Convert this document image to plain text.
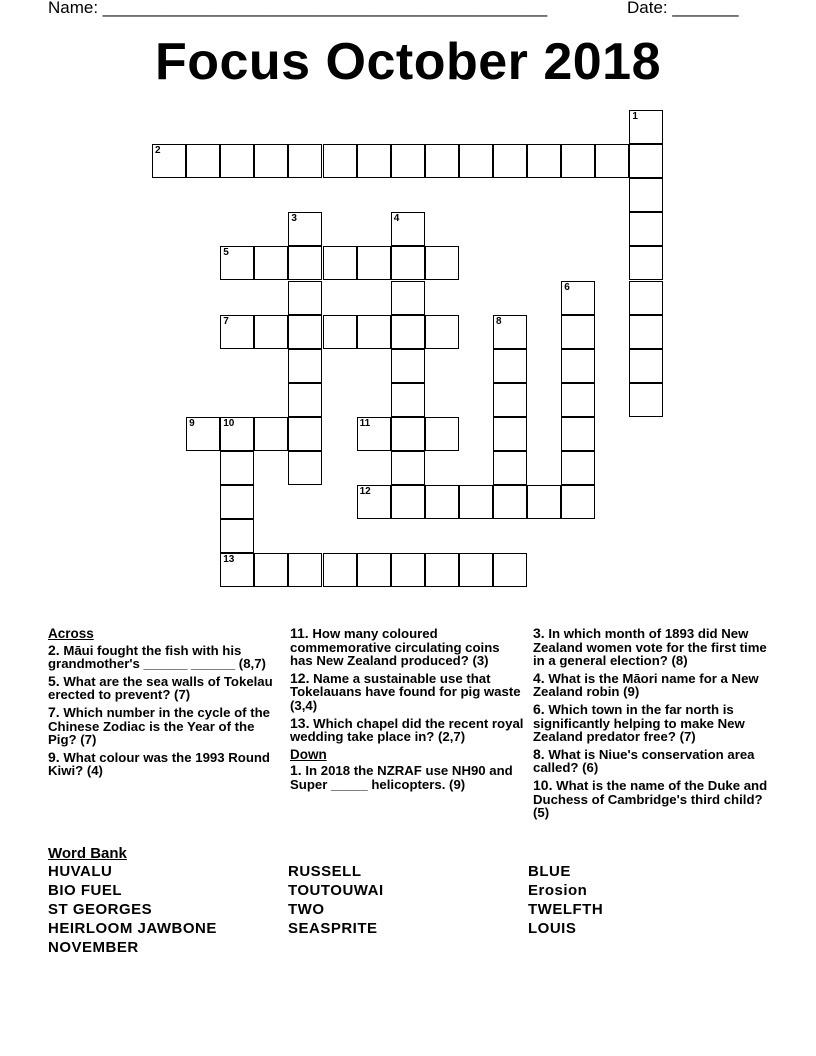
Name: _______________________________________________	Date: _______
Focus October 2018
1
2
3	4
5
6
7	8
9	10
13
11
12
Across
2. Māui fought the fish with his grandmother's ______ ______ (8,7)
5. What are the sea walls of Tokelau erected to prevent? (7)
7. Which number in the cycle of the Chinese Zodiac is the Year of the Pig? (7)
9. What colour was the 1993 Round Kiwi? (4)
11. How many coloured commemorative circulating coins has New Zealand produced? (3)
12. Name a sustainable use that Tokelauans have found for pig waste (3,4)
13. Which chapel did the recent royal wedding take place in? (2,7)
Down
1. In 2018 the NZRAF use NH90 and Super _____ helicopters. (9)
3. In which month of 1893 did New Zealand women vote for the first time in a general election? (8)
4. What is the Māori name for a New Zealand robin (9)
6. Which town in the far north is significantly helping to make New Zealand predator free? (7)
8. What is Niue's conservation area called? (6)
10. What is the name of the Duke and Duchess of Cambridge's third child? (5)
Word Bank
HUVALU
BIO FUEL
ST GEORGES
HEIRLOOM JAWBONE
NOVEMBER
RUSSELL
TOUTOUWAI
TWO
SEASPRITE
BLUE
Erosion
TWELFTH
LOUIS
